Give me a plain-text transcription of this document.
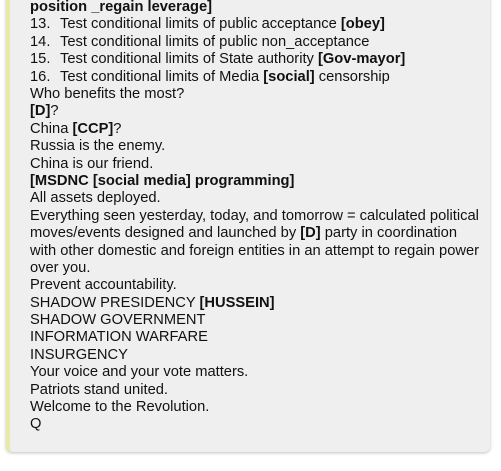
position _regain leverage]
13. Test conditional limits of public acceptance [obey]
14. Test conditional limits of public non_acceptance
15. Test conditional limits of State authority [Gov-mayor]
16. Test conditional limits of Media [social] censorship
Who benefits the most?
[D]?
China [CCP]?
Russia is the enemy.
China is our friend.
[MSDNC [social media] programming]
All assets deployed.
Everything seen yesterday, today, and tomorrow = calculated political moves/events designed and launched by [D] party in coordination with other domestic and foreign entities in an attempt to regain power over you.
Prevent accountability.
SHADOW PRESIDENCY [HUSSEIN]
SHADOW GOVERNMENT
INFORMATION WARFARE
INSURGENCY
Your voice and your vote matters.
Patriots stand united.
Welcome to the Revolution.
Q
